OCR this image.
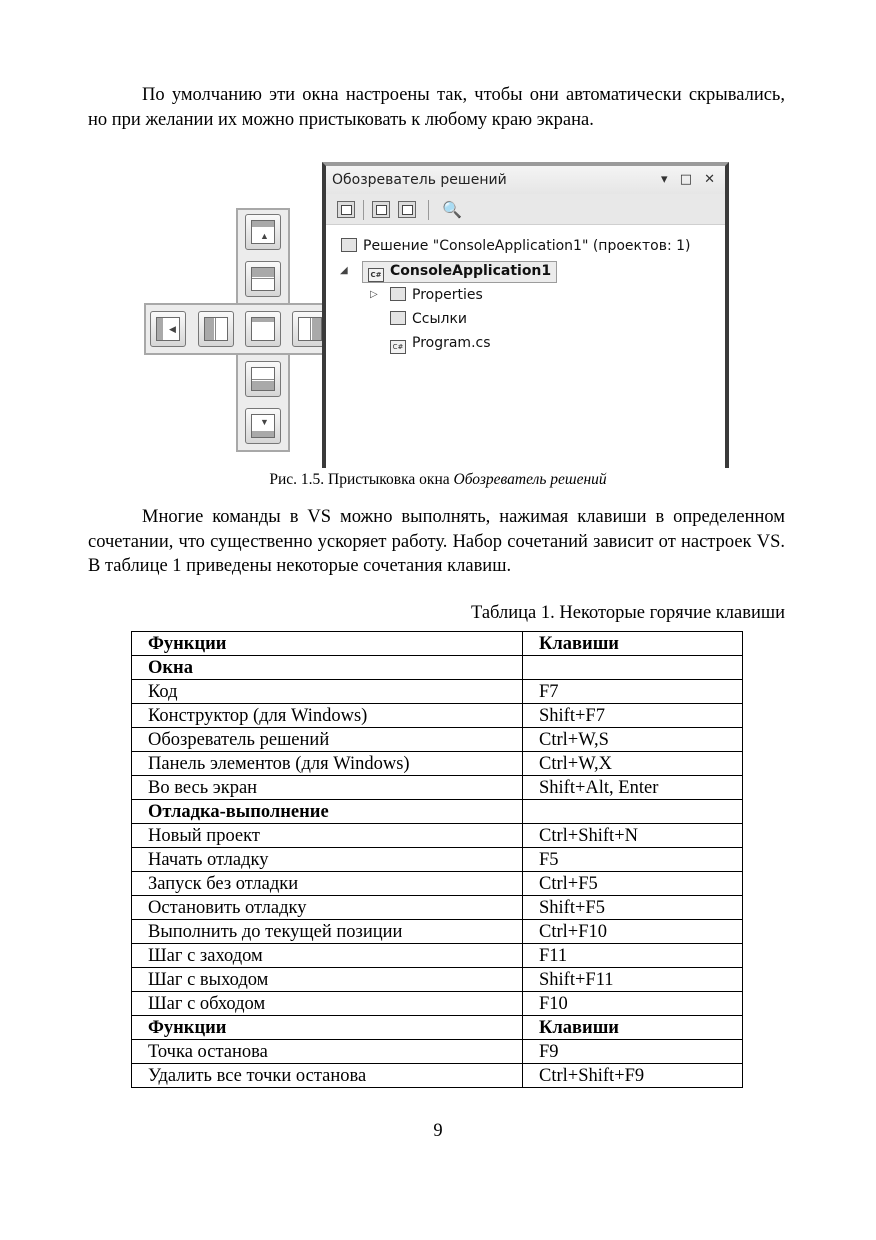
По умолчанию эти окна настроены так, чтобы они автоматически скрывались, но при желании их можно пристыковать к любому краю экрана.

▲
◀
▼
Обозреватель решений	▾ □ ✕
🔍
Решение "ConsoleApplication1" (проектов: 1)
◢	C# ConsoleApplication1
▷	Properties
Ссылки
C# Program.cs
Рис. 1.5. Пристыковка окна Обозреватель решений

Многие команды в VS можно выполнять, нажимая клавиши в определенном сочетании, что существенно ускоряет работу. Набор сочетаний зависит от настроек VS. В таблице 1 приведены некоторые сочетания клавиш.

Таблица 1. Некоторые горячие клавиши
Функции	Клавиши
Окна	
Код	F7
Конструктор (для Windows)	Shift+F7
Обозреватель решений	Ctrl+W,S
Панель элементов (для Windows)	Ctrl+W,X
Во весь экран	Shift+Alt, Enter
Отладка-выполнение	
Новый проект	Ctrl+Shift+N
Начать отладку	F5
Запуск без отладки	Ctrl+F5
Остановить отладку	Shift+F5
Выполнить до текущей позиции	Ctrl+F10
Шаг с заходом	F11
Шаг с выходом	Shift+F11
Шаг с обходом	F10
Функции	Клавиши
Точка останова	F9
Удалить все точки останова	Ctrl+Shift+F9
9
